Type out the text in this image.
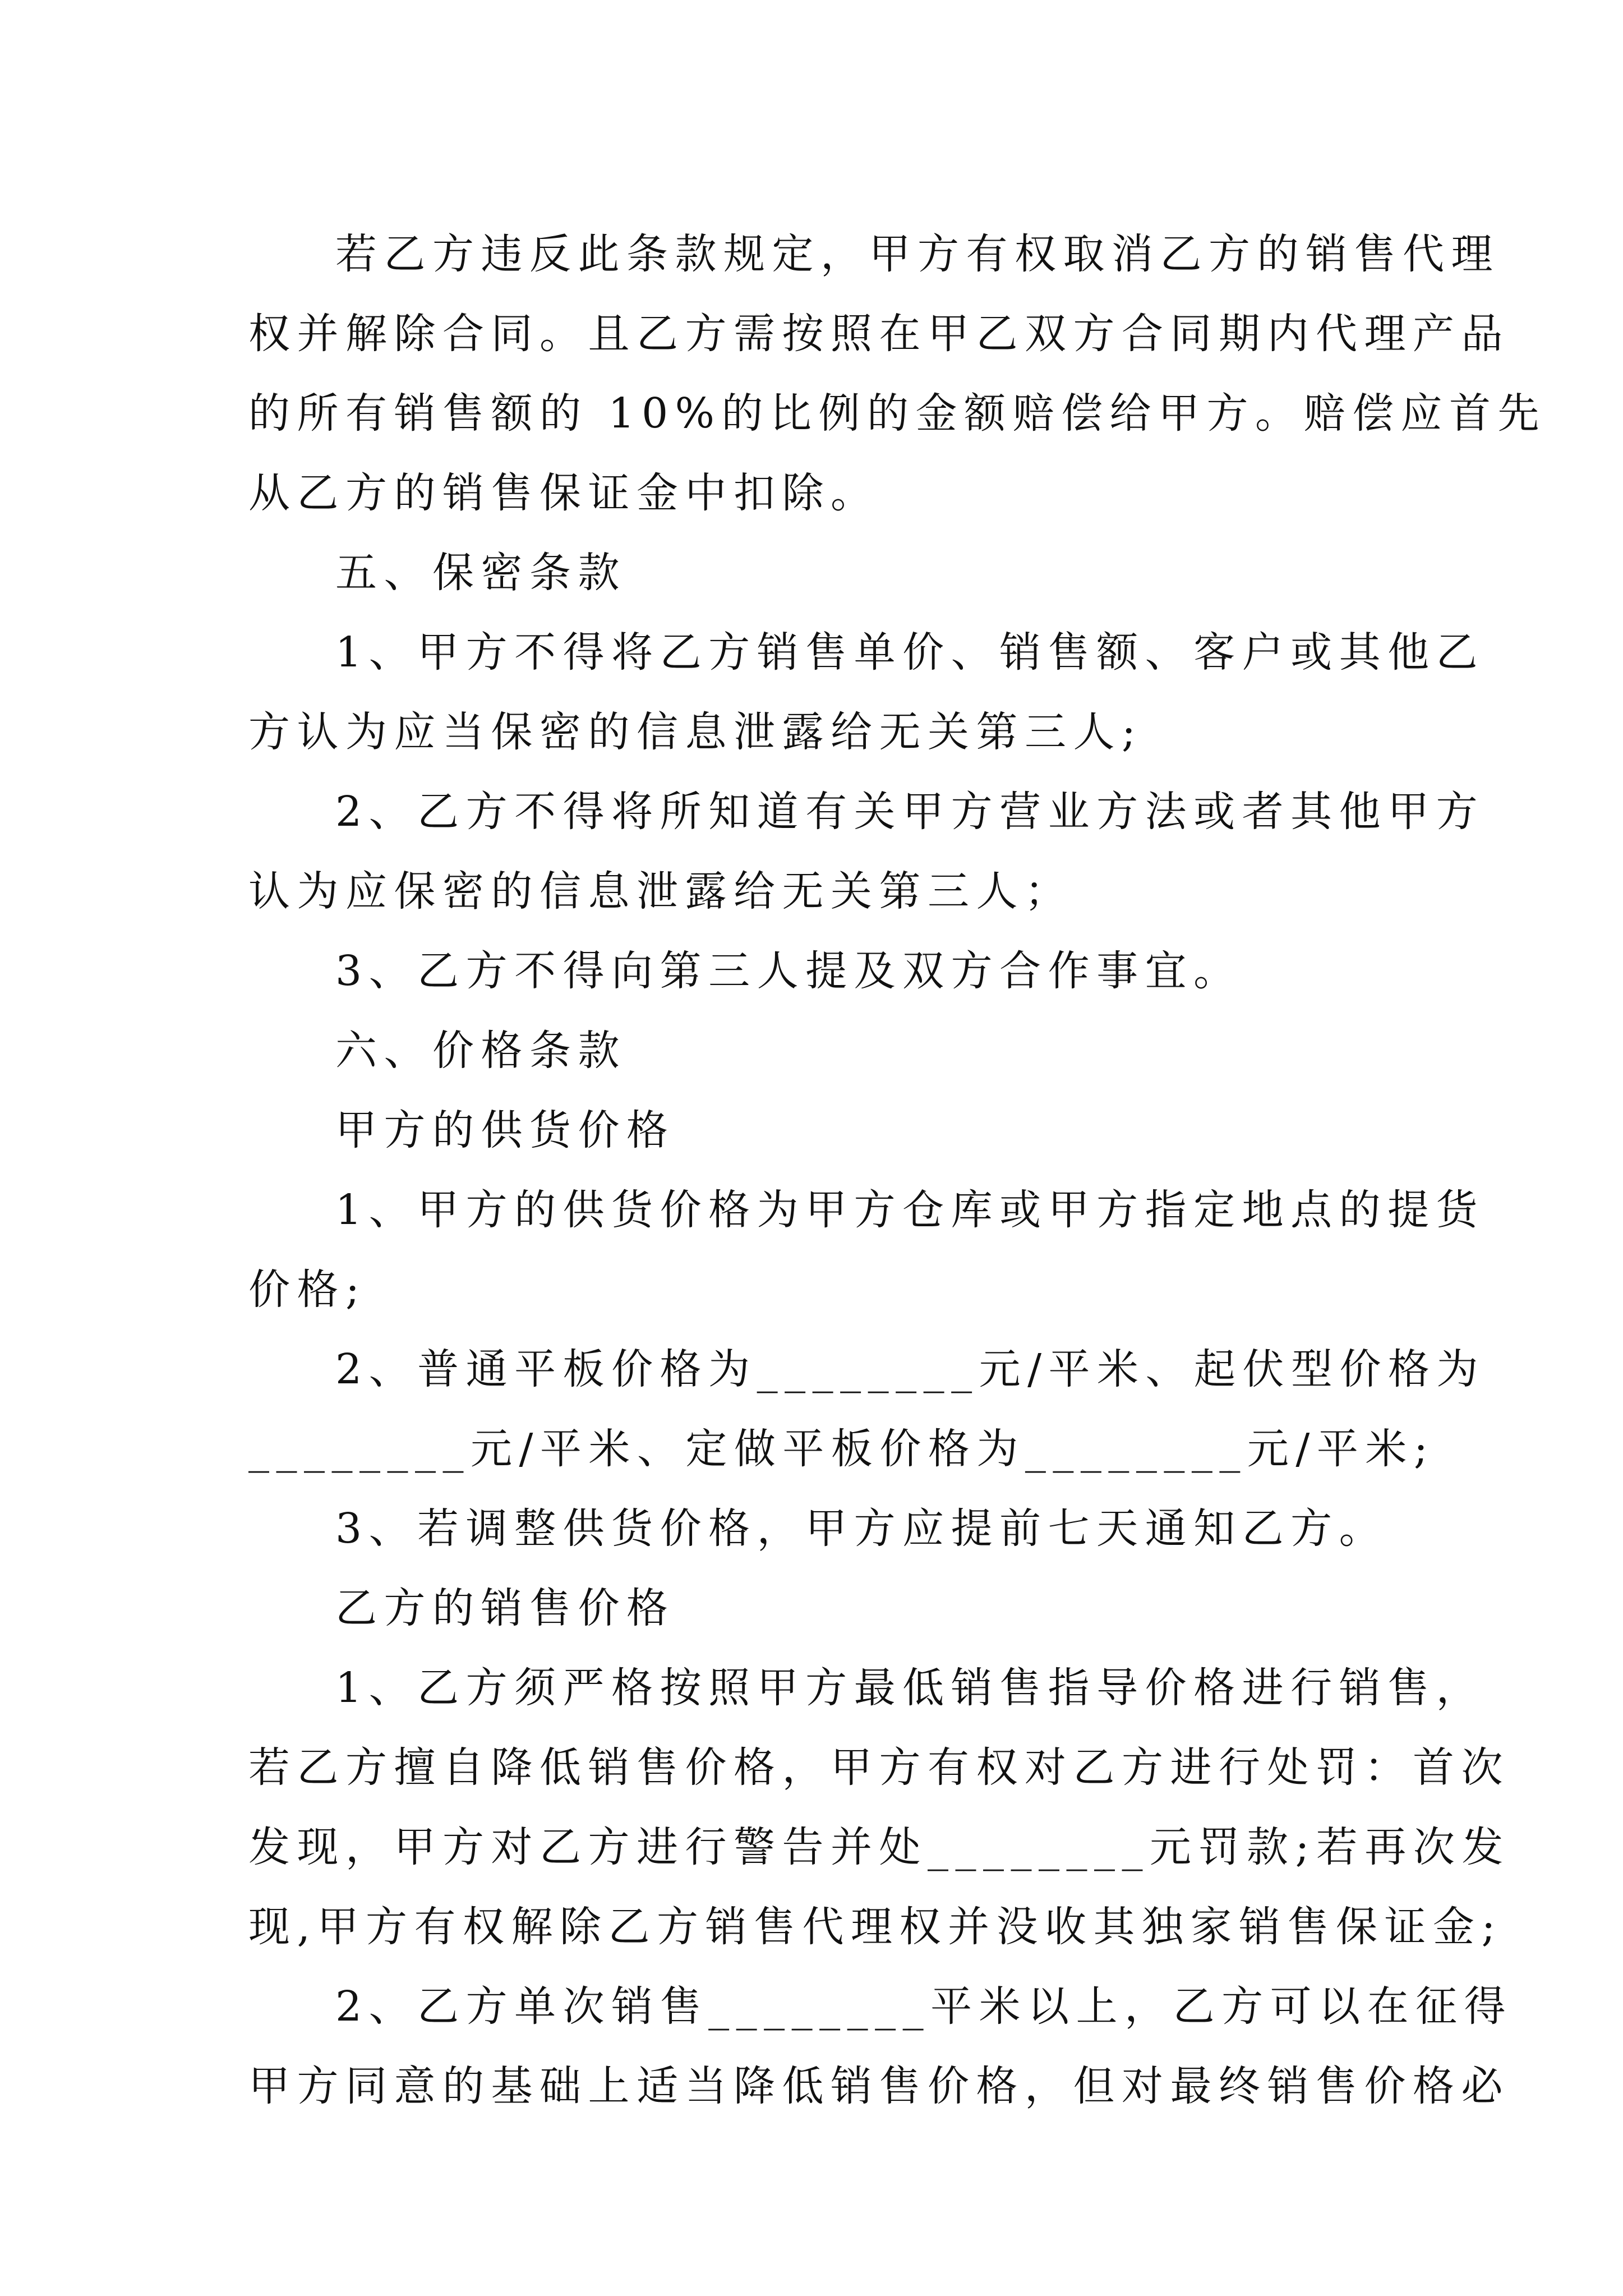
若乙方违反此条款规定，甲方有权取消乙方的销售代理
权并解除合同。且乙方需按照在甲乙双方合同期内代理产品
的所有销售额的 10%的比例的金额赔偿给甲方。赔偿应首先
从乙方的销售保证金中扣除。
五、保密条款
1、甲方不得将乙方销售单价、销售额、客户或其他乙
方认为应当保密的信息泄露给无关第三人;
2、乙方不得将所知道有关甲方营业方法或者其他甲方
认为应保密的信息泄露给无关第三人；
3、乙方不得向第三人提及双方合作事宜。
六、价格条款
甲方的供货价格
1、甲方的供货价格为甲方仓库或甲方指定地点的提货
价格;
2、普通平板价格为________元/平米、起伏型价格为
________元/平米、定做平板价格为________元/平米;
3、若调整供货价格，甲方应提前七天通知乙方。
乙方的销售价格
1、乙方须严格按照甲方最低销售指导价格进行销售，
若乙方擅自降低销售价格，甲方有权对乙方进行处罚：首次
发现，甲方对乙方进行警告并处________元罚款;若再次发
现,甲方有权解除乙方销售代理权并没收其独家销售保证金;
2、乙方单次销售________平米以上，乙方可以在征得
甲方同意的基础上适当降低销售价格，但对最终销售价格必
